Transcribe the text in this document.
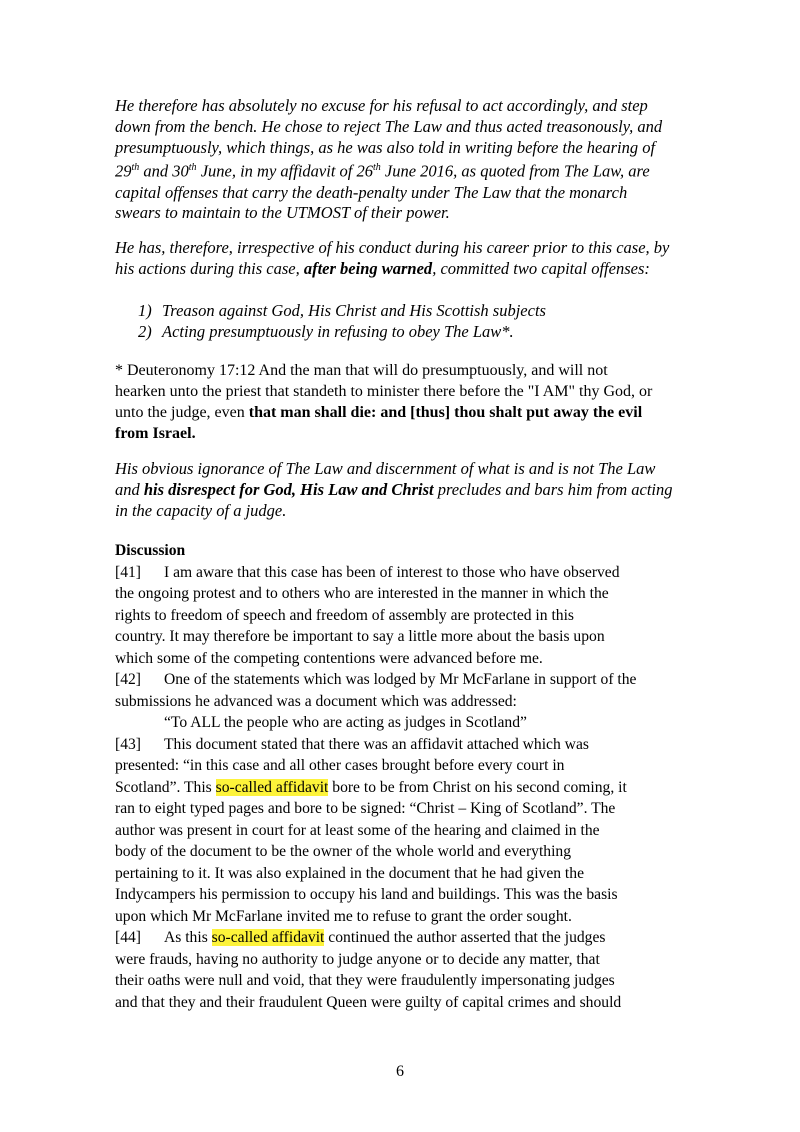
He therefore has absolutely no excuse for his refusal to act accordingly, and step
down from the bench. He chose to reject The Law and thus acted treasonously, and
presumptuously, which things, as he was also told in writing before the hearing of
29th and 30th June, in my affidavit of 26th June 2016, as quoted from The Law, are
capital offenses that carry the death-penalty under The Law that the monarch
swears to maintain to the UTMOST of their power.
He has, therefore, irrespective of his conduct during his career prior to this case, by
his actions during this case, after being warned, committed two capital offenses:
1) Treason against God, His Christ and His Scottish subjects
2) Acting presumptuously in refusing to obey The Law*.
* Deuteronomy 17:12 And the man that will do presumptuously, and will not
hearken unto the priest that standeth to minister there before the "I AM" thy God, or
unto the judge, even that man shall die: and [thus] thou shalt put away the evil
from Israel.
His obvious ignorance of The Law and discernment of what is and is not The Law
and his disrespect for God, His Law and Christ precludes and bars him from acting
in the capacity of a judge.
Discussion
[41] I am aware that this case has been of interest to those who have observed
the ongoing protest and to others who are interested in the manner in which the
rights to freedom of speech and freedom of assembly are protected in this
country. It may therefore be important to say a little more about the basis upon
which some of the competing contentions were advanced before me.
[42] One of the statements which was lodged by Mr McFarlane in support of the
submissions he advanced was a document which was addressed:
“To ALL the people who are acting as judges in Scotland”
[43] This document stated that there was an affidavit attached which was
presented: “in this case and all other cases brought before every court in
Scotland”. This so-called affidavit bore to be from Christ on his second coming, it
ran to eight typed pages and bore to be signed: “Christ – King of Scotland”. The
author was present in court for at least some of the hearing and claimed in the
body of the document to be the owner of the whole world and everything
pertaining to it. It was also explained in the document that he had given the
Indycampers his permission to occupy his land and buildings. This was the basis
upon which Mr McFarlane invited me to refuse to grant the order sought.
[44] As this so-called affidavit continued the author asserted that the judges
were frauds, having no authority to judge anyone or to decide any matter, that
their oaths were null and void, that they were fraudulently impersonating judges
and that they and their fraudulent Queen were guilty of capital crimes and should
6
